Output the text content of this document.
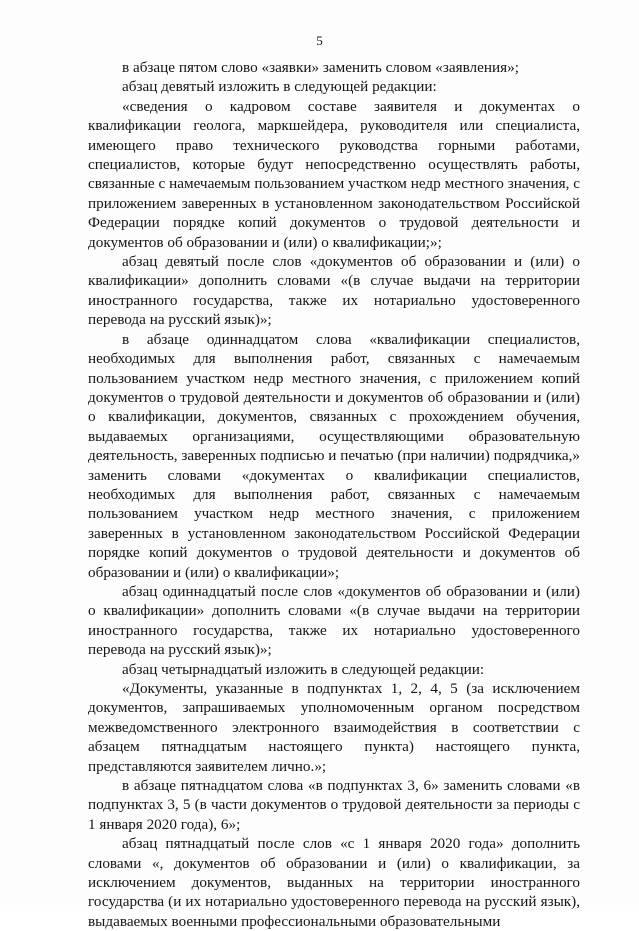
5

в абзаце пятом слово «заявки» заменить словом «заявления»;

абзац девятый изложить в следующей редакции:

«сведения о кадровом составе заявителя и документах о квалификации геолога, маркшейдера, руководителя или специалиста, имеющего право технического руководства горными работами, специалистов, которые будут непосредственно осуществлять работы, связанные с намечаемым пользованием участком недр местного значения, с приложением заверенных в установленном законодательством Российской Федерации порядке копий документов о трудовой деятельности и документов об образовании и (или) о квалификации;»;

абзац девятый после слов «документов об образовании и (или) о квалификации» дополнить словами «(в случае выдачи на территории иностранного государства, также их нотариально удостоверенного перевода на русский язык)»;

в абзаце одиннадцатом слова «квалификации специалистов, необходимых для выполнения работ, связанных с намечаемым пользованием участком недр местного значения, с приложением копий документов о трудовой деятельности и документов об образовании и (или) о квалификации, документов, связанных с прохождением обучения, выдаваемых организациями, осуществляющими образовательную деятельность, заверенных подписью и печатью (при наличии) подрядчика,» заменить словами «документах о квалификации специалистов, необходимых для выполнения работ, связанных с намечаемым пользованием участком недр местного значения, с приложением заверенных в установленном законодательством Российской Федерации порядке копий документов о трудовой деятельности и документов об образовании и (или) о квалификации»;

абзац одиннадцатый после слов «документов об образовании и (или) о квалификации» дополнить словами «(в случае выдачи на территории иностранного государства, также их нотариально удостоверенного перевода на русский язык)»;

абзац четырнадцатый изложить в следующей редакции:

«Документы, указанные в подпунктах 1, 2, 4, 5 (за исключением документов, запрашиваемых уполномоченным органом посредством межведомственного электронного взаимодействия в соответствии с абзацем пятнадцатым настоящего пункта) настоящего пункта, представляются заявителем лично.»;

в абзаце пятнадцатом слова «в подпунктах 3, 6» заменить словами «в подпунктах 3, 5 (в части документов о трудовой деятельности за периоды с 1 января 2020 года), 6»;

абзац пятнадцатый после слов «с 1 января 2020 года» дополнить словами «, документов об образовании и (или) о квалификации, за исключением документов, выданных на территории иностранного государства (и их нотариально удостоверенного перевода на русский язык), выдаваемых военными профессиональными образовательными
